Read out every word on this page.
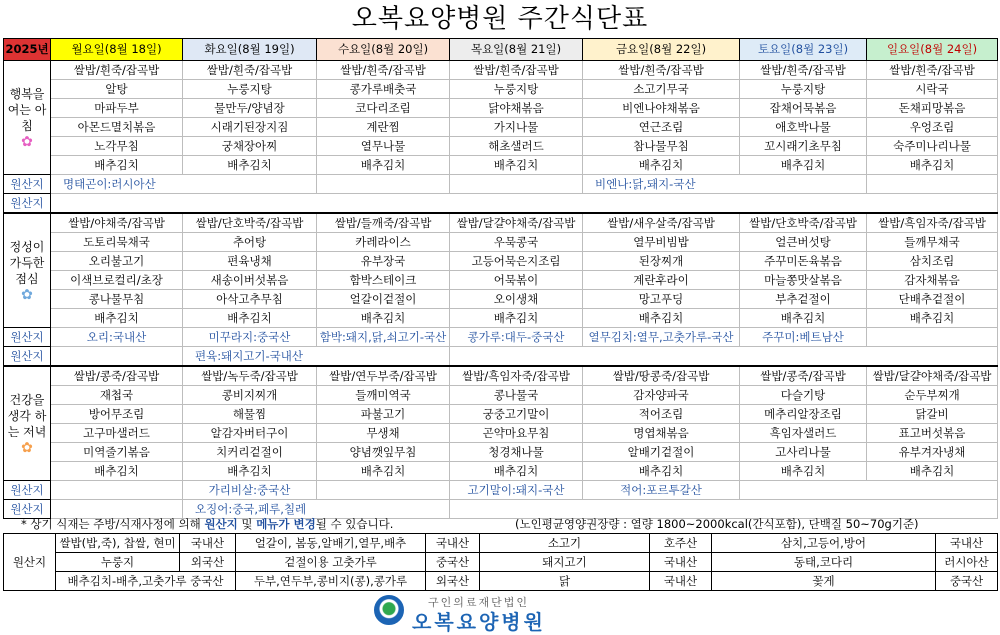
오복요양병원 주간식단표
2025년	월요일(8월 18일)	화요일(8월 19일)	수요일(8월 20일)	목요일(8월 21일)	금요일(8월 22일)	토요일(8월 23일)	일요일(8월 24일)

행복을 여는 아침
✿	쌀밥/흰죽/잡곡밥	쌀밥/흰죽/잡곡밥	쌀밥/흰죽/잡곡밥	쌀밥/흰죽/잡곡밥	쌀밥/흰죽/잡곡밥	쌀밥/흰죽/잡곡밥	쌀밥/흰죽/잡곡밥
	알탕	누룽지탕	콩가루배춧국	누룽지탕	소고기무국	누룽지탕	시락국
	마파두부	물만두/양념장	코다리조림	닭야채볶음	비엔나야채볶음	잡채어묵볶음	돈채피망볶음
	아몬드멸치볶음	시래기된장지짐	계란찜	가지나물	연근조림	애호박나물	우엉조림
	노각무침	궁채장아찌	열무나물	해초샐러드	참나물무침	꼬시래기초무침	숙주미나리나물
	배추김치	배추김치	배추김치	배추김치	배추김치	배추김치	배추김치
원산지	명태곤이:러시아산				비엔나:닭,돼지-국산		
원산지							

정성이 가득한 점심
✿	쌀밥/야채죽/잡곡밥	쌀밥/단호박죽/잡곡밥	쌀밥/들깨죽/잡곡밥	쌀밥/달걀야채죽/잡곡밥	쌀밥/새우살죽/잡곡밥	쌀밥/단호박죽/잡곡밥	쌀밥/흑임자죽/잡곡밥
	도토리묵채국	추어탕	카레라이스	우묵콩국	열무비빔밥	얼큰버섯탕	들깨무채국
	오리불고기	편육냉채	유부장국	고등어묵은지조림	된장찌개	주꾸미돈육볶음	삼치조림
	이색브로컬리/초장	새송이버섯볶음	함박스테이크	어묵볶이	계란후라이	마늘쫑맛살볶음	감자채볶음
	콩나물무침	아삭고추무침	얼갈이겉절이	오이생채	망고푸딩	부추겉절이	단배추겉절이
	배추김치	배추김치	배추김치	배추김치	배추김치	배추김치	배추김치
원산지	오리:국내산	미꾸라지:중국산	함박:돼지,닭,쇠고기-국산	콩가루:대두-중국산	열무김치:열무,고춧가루-국산	주꾸미:베트남산	
원산지		편육:돼지고기-국내산					

건강을 생각 하는 저녁
✿	쌀밥/콩죽/잡곡밥	쌀밥/녹두죽/잡곡밥	쌀밥/연두부죽/잡곡밥	쌀밥/흑임자죽/잡곡밥	쌀밥/땅콩죽/잡곡밥	쌀밥/콩죽/잡곡밥	쌀밥/달걀야채죽/잡곡밥
	재첩국	콩비지찌개	들깨미역국	콩나물국	감자양파국	다슬기탕	순두부찌개
	방어무조림	해물찜	파불고기	궁중고기말이	적어조림	메추리알장조림	닭갈비
	고구마샐러드	알감자버터구이	무생채	곤약마요무침	명엽채볶음	흑임자샐러드	표고버섯볶음
	미역줄기볶음	치커리겉절이	양념깻잎무침	청경채나물	알배기겉절이	고사리나물	유부겨자냉채
	배추김치	배추김치	배추김치	배추김치	배추김치	배추김치	배추김치
원산지		가리비살:중국산		고기말이:돼지-국산	적어:포르투갈산		
원산지		오징어:중국,페루,칠레					
* 상기 식재는 주방/식재사정에 의해 원산지 및 메뉴가 변경될 수 있습니다.	(노인평균영양권장량 : 열량 1800~2000kcal(간식포함), 단백질 50~70g기준)
원산지	쌀밥(밥,죽), 찹쌀, 현미	국내산	얼갈이, 봄동,알배기,열무,배추	국내산	소고기	호주산	삼치,고등어,방어	국내산
	누룽지	외국산	겉절이용 고춧가루	중국산	돼지고기	국내산	동태,코다리	러시아산
	배추김치-배추,고춧가루 중국산		두부,연두부,콩비지(콩),콩가루	외국산	닭	국내산	꽃게	중국산
구인의료재단법인
오복요양병원
